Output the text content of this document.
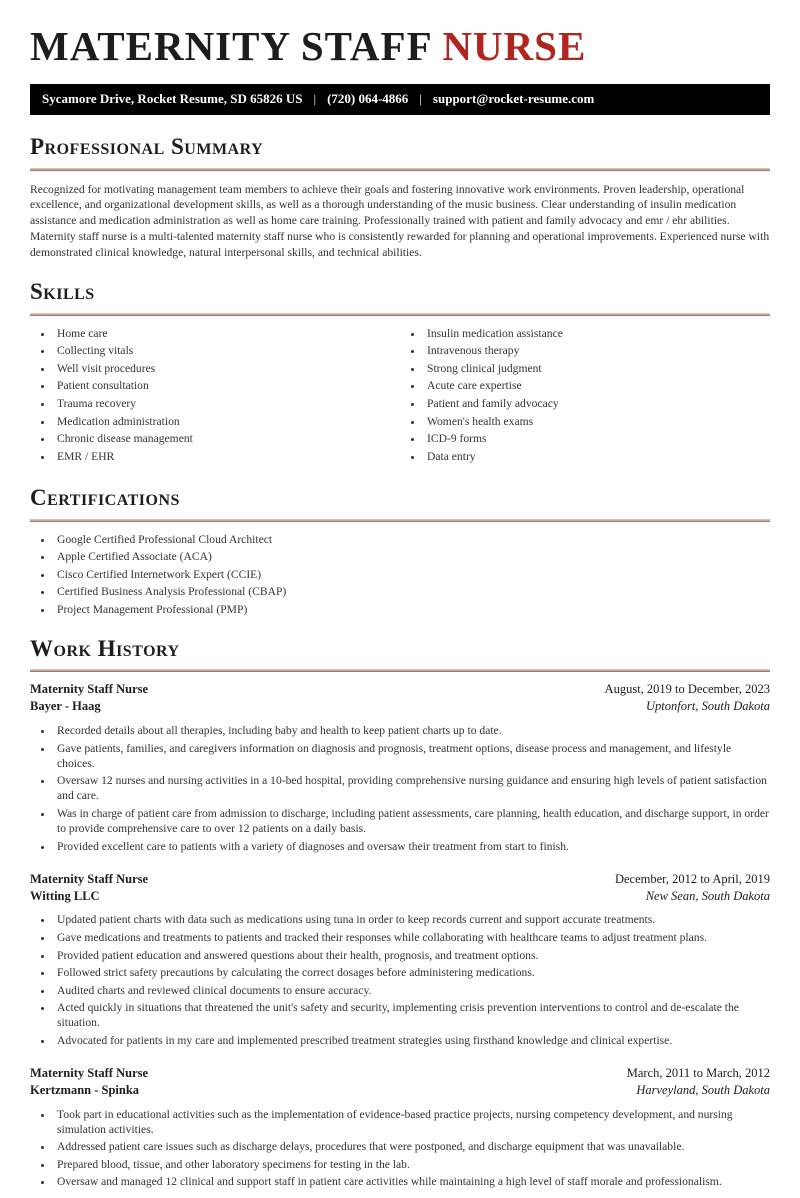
MATERNITY STAFF NURSE
Sycamore Drive, Rocket Resume, SD 65826 US | (720) 064-4866 | support@rocket-resume.com
Professional Summary

Recognized for motivating management team members to achieve their goals and fostering innovative work environments. Proven leadership, operational excellence, and organizational development skills, as well as a thorough understanding of the music business. Clear understanding of insulin medication assistance and medication administration as well as home care training. Professionally trained with patient and family advocacy and emr / ehr abilities. Maternity staff nurse is a multi-talented maternity staff nurse who is consistently rewarded for planning and operational improvements. Experienced nurse with demonstrated clinical knowledge, natural interpersonal skills, and technical abilities.

Skills
• Home care
• Collecting vitals
• Well visit procedures
• Patient consultation
• Trauma recovery
• Medication administration
• Chronic disease management
• EMR / EHR
• Insulin medication assistance
• Intravenous therapy
• Strong clinical judgment
• Acute care expertise
• Patient and family advocacy
• Women's health exams
• ICD-9 forms
• Data entry
Certifications
• Google Certified Professional Cloud Architect
• Apple Certified Associate (ACA)
• Cisco Certified Internetwork Expert (CCIE)
• Certified Business Analysis Professional (CBAP)
• Project Management Professional (PMP)
Work History
Maternity Staff Nurse	August, 2019 to December, 2023
Bayer - Haag	Uptonfort, South Dakota
• Recorded details about all therapies, including baby and health to keep patient charts up to date.
• Gave patients, families, and caregivers information on diagnosis and prognosis, treatment options, disease process and management, and lifestyle choices.
• Oversaw 12 nurses and nursing activities in a 10-bed hospital, providing comprehensive nursing guidance and ensuring high levels of patient satisfaction and care.
• Was in charge of patient care from admission to discharge, including patient assessments, care planning, health education, and discharge support, in order to provide comprehensive care to over 12 patients on a daily basis.
• Provided excellent care to patients with a variety of diagnoses and oversaw their treatment from start to finish.
Maternity Staff Nurse	December, 2012 to April, 2019
Witting LLC	New Sean, South Dakota
• Updated patient charts with data such as medications using tuna in order to keep records current and support accurate treatments.
• Gave medications and treatments to patients and tracked their responses while collaborating with healthcare teams to adjust treatment plans.
• Provided patient education and answered questions about their health, prognosis, and treatment options.
• Followed strict safety precautions by calculating the correct dosages before administering medications.
• Audited charts and reviewed clinical documents to ensure accuracy.
• Acted quickly in situations that threatened the unit's safety and security, implementing crisis prevention interventions to control and de-escalate the situation.
• Advocated for patients in my care and implemented prescribed treatment strategies using firsthand knowledge and clinical expertise.
Maternity Staff Nurse	March, 2011 to March, 2012
Kertzmann - Spinka	Harveyland, South Dakota
• Took part in educational activities such as the implementation of evidence-based practice projects, nursing competency development, and nursing simulation activities.
• Addressed patient care issues such as discharge delays, procedures that were postponed, and discharge equipment that was unavailable.
• Prepared blood, tissue, and other laboratory specimens for testing in the lab.
• Oversaw and managed 12 clinical and support staff in patient care activities while maintaining a high level of staff morale and professionalism.
